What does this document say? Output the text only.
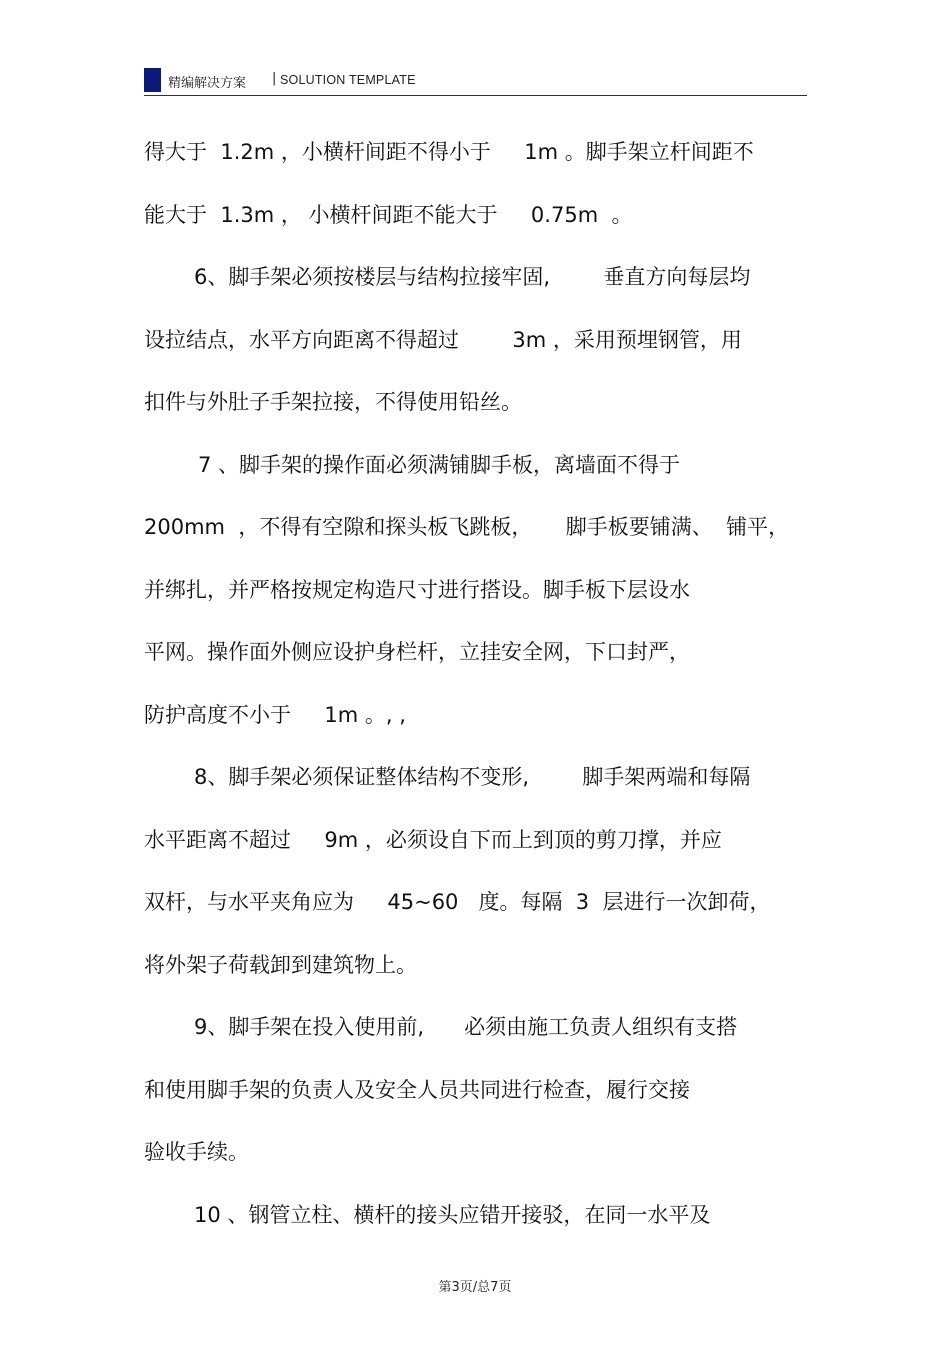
精编解决方案 | SOLUTION TEMPLATE
得大于  1.2m ，小横杆间距不得小于     1m 。脚手架立杆间距不
能大于  1.3m ， 小横杆间距不能大于     0.75m  。
6、脚手架必须按楼层与结构拉接牢固,        垂直方向每层均
设拉结点，水平方向距离不得超过        3m ，采用预埋钢管，用
扣件与外肚子手架拉接，不得使用铅丝。
7 、脚手架的操作面必须满铺脚手板，离墙面不得于
200mm  ，不得有空隙和探头板飞跳板，     脚手板要铺满、  铺平，
并绑扎，并严格按规定构造尺寸进行搭设。脚手板下层设水
平网。操作面外侧应设护身栏杆，立挂安全网，下口封严，
防护高度不小于     1m 。, ,
8、脚手架必须保证整体结构不变形,        脚手架两端和每隔
水平距离不超过     9m ，必须设自下而上到顶的剪刀撑，并应
双杆，与水平夹角应为     45~60   度。每隔  3  层进行一次卸荷，
将外架子荷载卸到建筑物上。
9、脚手架在投入使用前,      必须由施工负责人组织有支搭
和使用脚手架的负责人及安全人员共同进行检查，履行交接
验收手续。
10 、钢管立柱、横杆的接头应错开接驳，在同一水平及
第3页/总7页
